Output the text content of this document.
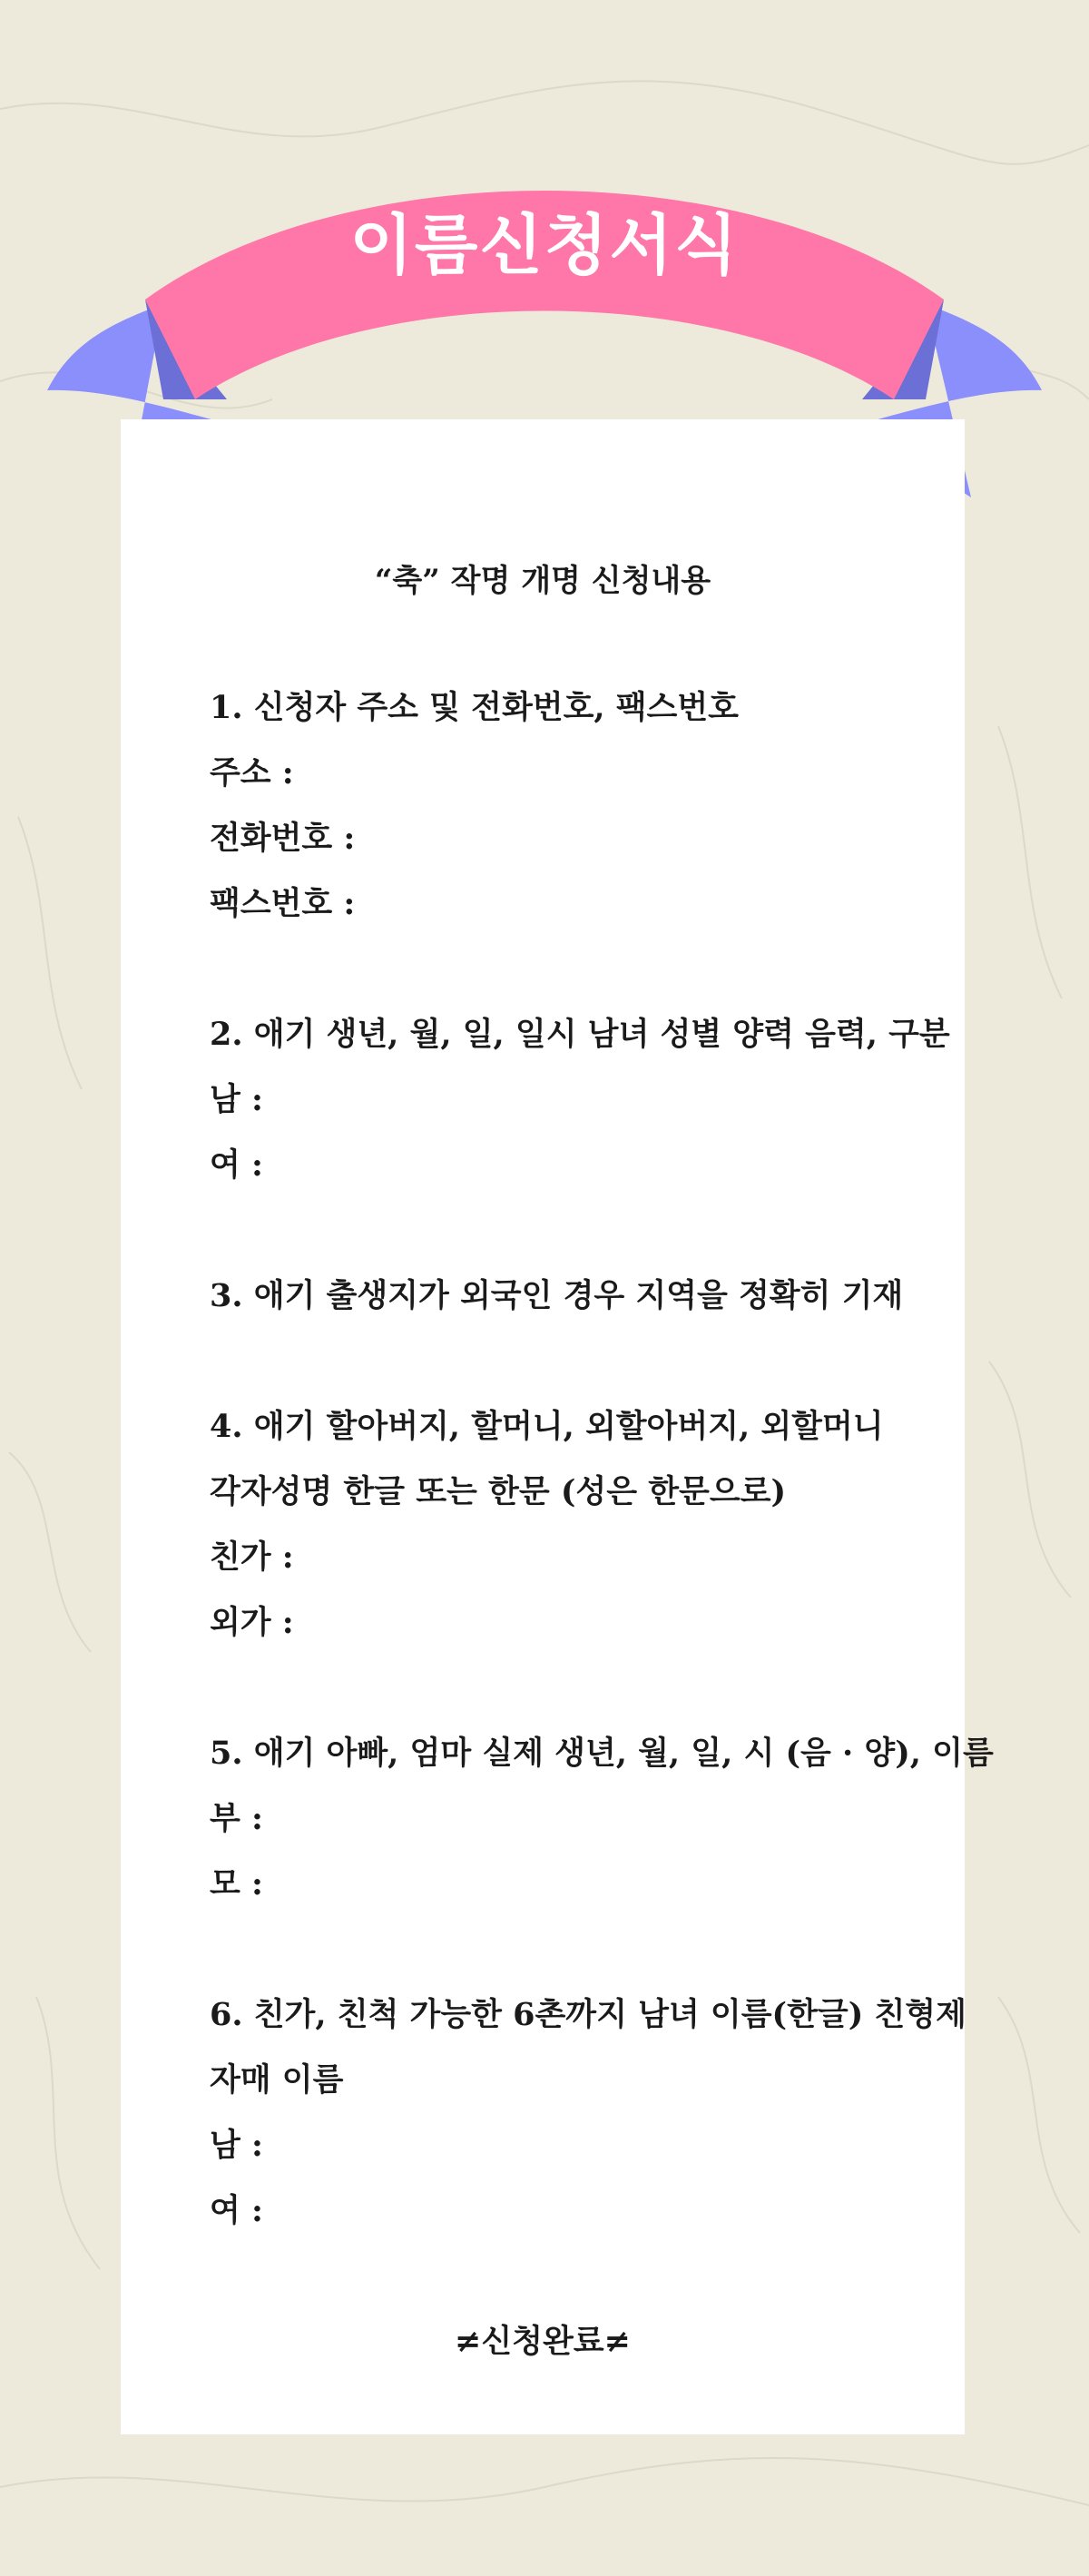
이름신청서식
“축” 작명 개명 신청내용
1. 신청자 주소 및 전화번호, 팩스번호
주소 :
전화번호 :
팩스번호 :
2. 애기 생년, 월, 일, 일시 남녀 성별 양력 음력, 구분
남 :
여 :
3. 애기 출생지가 외국인 경우 지역을 정확히 기재
4. 애기 할아버지, 할머니, 외할아버지, 외할머니
각자성명 한글 또는 한문 (성은 한문으로)
친가 :
외가 :
5. 애기 아빠, 엄마 실제 생년, 월, 일, 시 (음 · 양), 이름
부 :
모 :
6. 친가, 친척 가능한 6촌까지 남녀 이름(한글) 친형제
자매 이름
남 :
여 :
≠신청완료≠
